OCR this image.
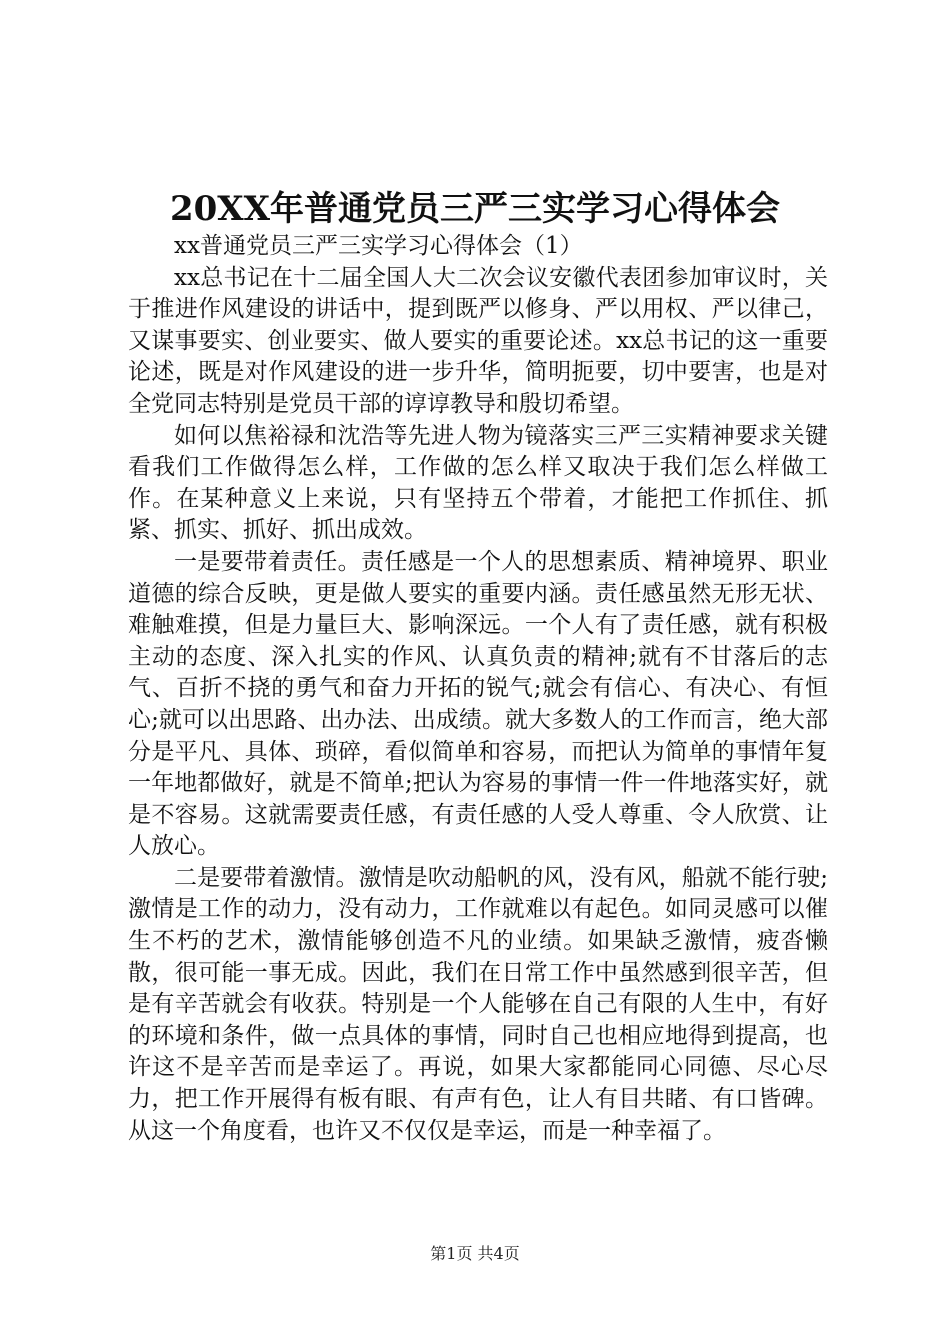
20XX年普通党员三严三实学习心得体会

xx普通党员三严三实学习心得体会（1）

xx总书记在十二届全国人大二次会议安徽代表团参加审议时，关于推进作风建设的讲话中，提到既严以修身、严以用权、严以律己，又谋事要实、创业要实、做人要实的重要论述。xx总书记的这一重要论述，既是对作风建设的进一步升华，简明扼要，切中要害，也是对全党同志特别是党员干部的谆谆教导和殷切希望。

如何以焦裕禄和沈浩等先进人物为镜落实三严三实精神要求关键看我们工作做得怎么样，工作做的怎么样又取决于我们怎么样做工作。在某种意义上来说，只有坚持五个带着，才能把工作抓住、抓紧、抓实、抓好、抓出成效。

一是要带着责任。责任感是一个人的思想素质、精神境界、职业道德的综合反映，更是做人要实的重要内涵。责任感虽然无形无状、难触难摸，但是力量巨大、影响深远。一个人有了责任感，就有积极主动的态度、深入扎实的作风、认真负责的精神;就有不甘落后的志气、百折不挠的勇气和奋力开拓的锐气;就会有信心、有决心、有恒心;就可以出思路、出办法、出成绩。就大多数人的工作而言，绝大部分是平凡、具体、琐碎，看似简单和容易，而把认为简单的事情年复一年地都做好，就是不简单;把认为容易的事情一件一件地落实好，就是不容易。这就需要责任感，有责任感的人受人尊重、令人欣赏、让人放心。

二是要带着激情。激情是吹动船帆的风，没有风，船就不能行驶;激情是工作的动力，没有动力，工作就难以有起色。如同灵感可以催生不朽的艺术，激情能够创造不凡的业绩。如果缺乏激情，疲沓懒散，很可能一事无成。因此，我们在日常工作中虽然感到很辛苦，但是有辛苦就会有收获。特别是一个人能够在自己有限的人生中，有好的环境和条件，做一点具体的事情，同时自己也相应地得到提高，也许这不是辛苦而是幸运了。再说，如果大家都能同心同德、尽心尽力，把工作开展得有板有眼、有声有色，让人有目共睹、有口皆碑。从这一个角度看，也许又不仅仅是幸运，而是一种幸福了。

第1页 共4页
